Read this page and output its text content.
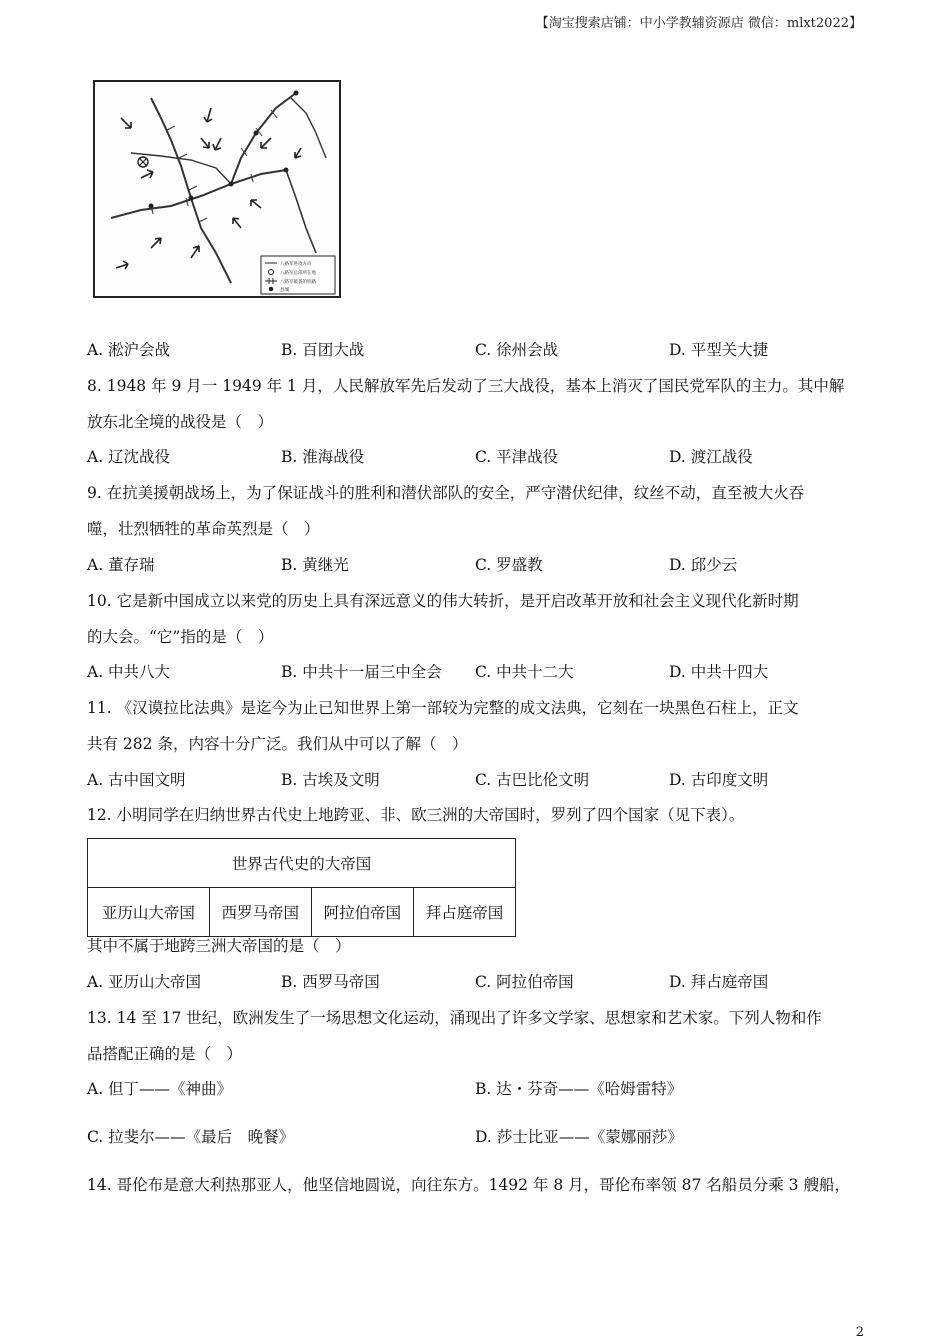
【淘宝搜索店铺：中小学教辅资源店 微信：mlxt2022】
八路军进攻方向
八路军总部所在地
八路军破袭的铁路
县城
A. 淞沪会战	B. 百团大战	C. 徐州会战	D. 平型关大捷
8. 1948 年 9 月一 1949 年 1 月，人民解放军先后发动了三大战役，基本上消灭了国民党军队的主力。其中解
放东北全境的战役是（　）
A. 辽沈战役	B. 淮海战役	C. 平津战役	D. 渡江战役
9. 在抗美援朝战场上，为了保证战斗的胜利和潜伏部队的安全，严守潜伏纪律，纹丝不动，直至被大火吞
噬，壮烈牺牲的革命英烈是（　）
A. 董存瑞	B. 黄继光	C. 罗盛教	D. 邱少云
10. 它是新中国成立以来党的历史上具有深远意义的伟大转折，是开启改革开放和社会主义现代化新时期
的大会。“它”指的是（　）
A. 中共八大	B. 中共十一届三中全会 C. 中共十二大	D. 中共十四大
11. 《汉谟拉比法典》是迄今为止已知世界上第一部较为完整的成文法典，它刻在一块黑色石柱上，正文
共有 282 条，内容十分广泛。我们从中可以了解（　）
A. 古中国文明	B. 古埃及文明	C. 古巴比伦文明	D. 古印度文明
12. 小明同学在归纳世界古代史上地跨亚、非、欧三洲的大帝国时，罗列了四个国家（见下表）。
世界古代史的大帝国
亚历山大帝国	西罗马帝国	阿拉伯帝国	拜占庭帝国
其中不属于地跨三洲大帝国的是（　）
A. 亚历山大帝国	B. 西罗马帝国	C. 阿拉伯帝国	D. 拜占庭帝国
13. 14 至 17 世纪，欧洲发生了一场思想文化运动，涌现出了许多文学家、思想家和艺术家。下列人物和作
品搭配正确的是（　）
A. 但丁——《神曲》	B. 达・芬奇——《哈姆雷特》
C. 拉斐尔——《最后　晚餐》	D. 莎士比亚——《蒙娜丽莎》
14. 哥伦布是意大利热那亚人，他坚信地圆说，向往东方。1492 年 8 月，哥伦布率领 87 名船员分乘 3 艘船，
2
